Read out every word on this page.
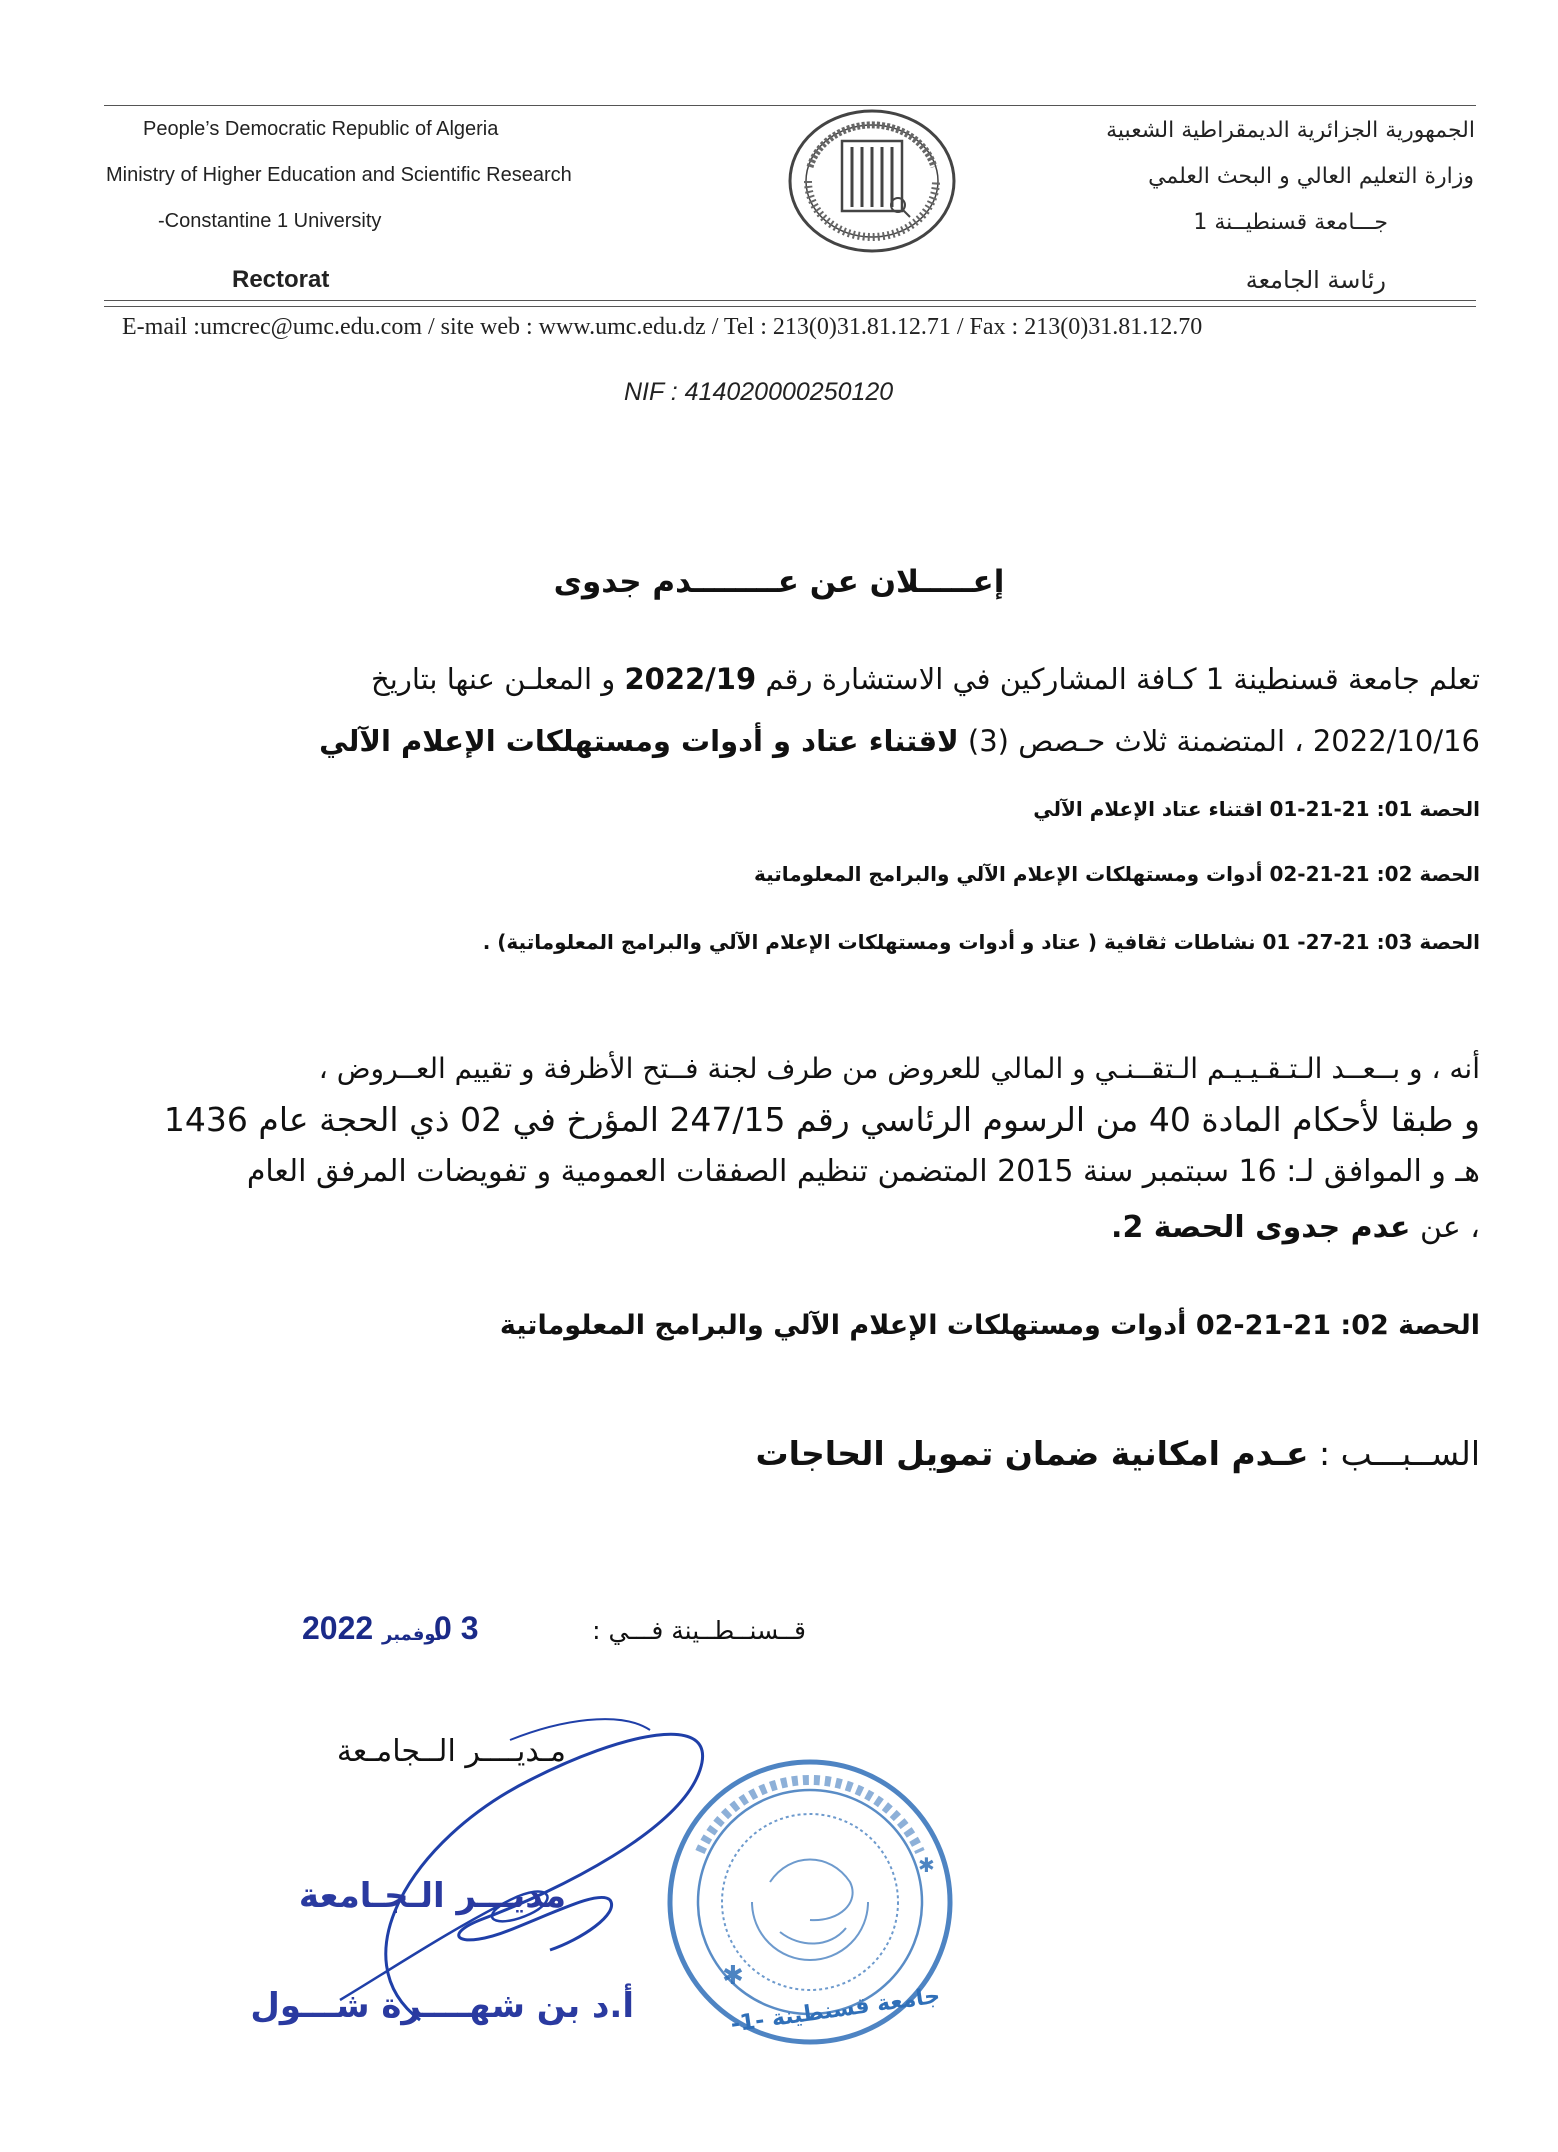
People’s Democratic Republic of Algeria
Ministry of Higher Education and Scientific Research
-Constantine 1 University
Rectorat
الجمهورية الجزائرية الديمقراطية الشعبية
وزارة التعليم العالي و البحث العلمي
جـــامعة قسنطيــنة 1
رئاسة الجامعة
E-mail :umcrec@umc.edu.com / site web : www.umc.edu.dz / Tel : 213(0)31.81.12.71 / Fax : 213(0)31.81.12.70
NIF : 414020000250120
إعـــــلان عن عــــــــدم جدوى
تعلم جامعة قسنطينة 1 كـافة المشاركين في الاستشارة رقم 2022/19 و المعلـن عنها بتاريخ
2022/10/16 ، المتضمنة ثلاث حـصص (3) لاقتناء عتاد و أدوات ومستهلكات الإعلام الآلي
الحصة 01: 21-21-01 اقتناء عتاد الإعلام الآلي
الحصة 02: 21-21-02 أدوات ومستهلكات الإعلام الآلي والبرامج المعلوماتية
الحصة 03: 21-27- 01 نشاطات ثقافية ( عتاد و أدوات ومستهلكات الإعلام الآلي والبرامج المعلوماتية) .
أنه ، و بــعــد الـتـقـيـيـم الـتقــنـي و المالي للعروض من طرف لجنة فــتح الأظرفة و تقييم العــروض ،
و طبقا لأحكام المادة 40 من الرسوم الرئاسي رقم 247/15 المؤرخ في 02 ذي الحجة عام 1436
هـ و الموافق لـ: 16 سبتمبر سنة 2015 المتضمن تنظيم الصفقات العمومية و تفويضات المرفق العام
، عن عدم جدوى الحصة 2.
الحصة 02: 21-21-02 أدوات ومستهلكات الإعلام الآلي والبرامج المعلوماتية
الســبـــب : عـدم امكانية ضمان تمويل الحاجات
قــسنــطــينة فـــي :
0 3
نوفمبر
2022
مـديــــر الــجامـعة
مديـــر الـجـامعة
أ.د بن شهــــرة شـــول
✱
✱
جامعة قسنطينة -1-
